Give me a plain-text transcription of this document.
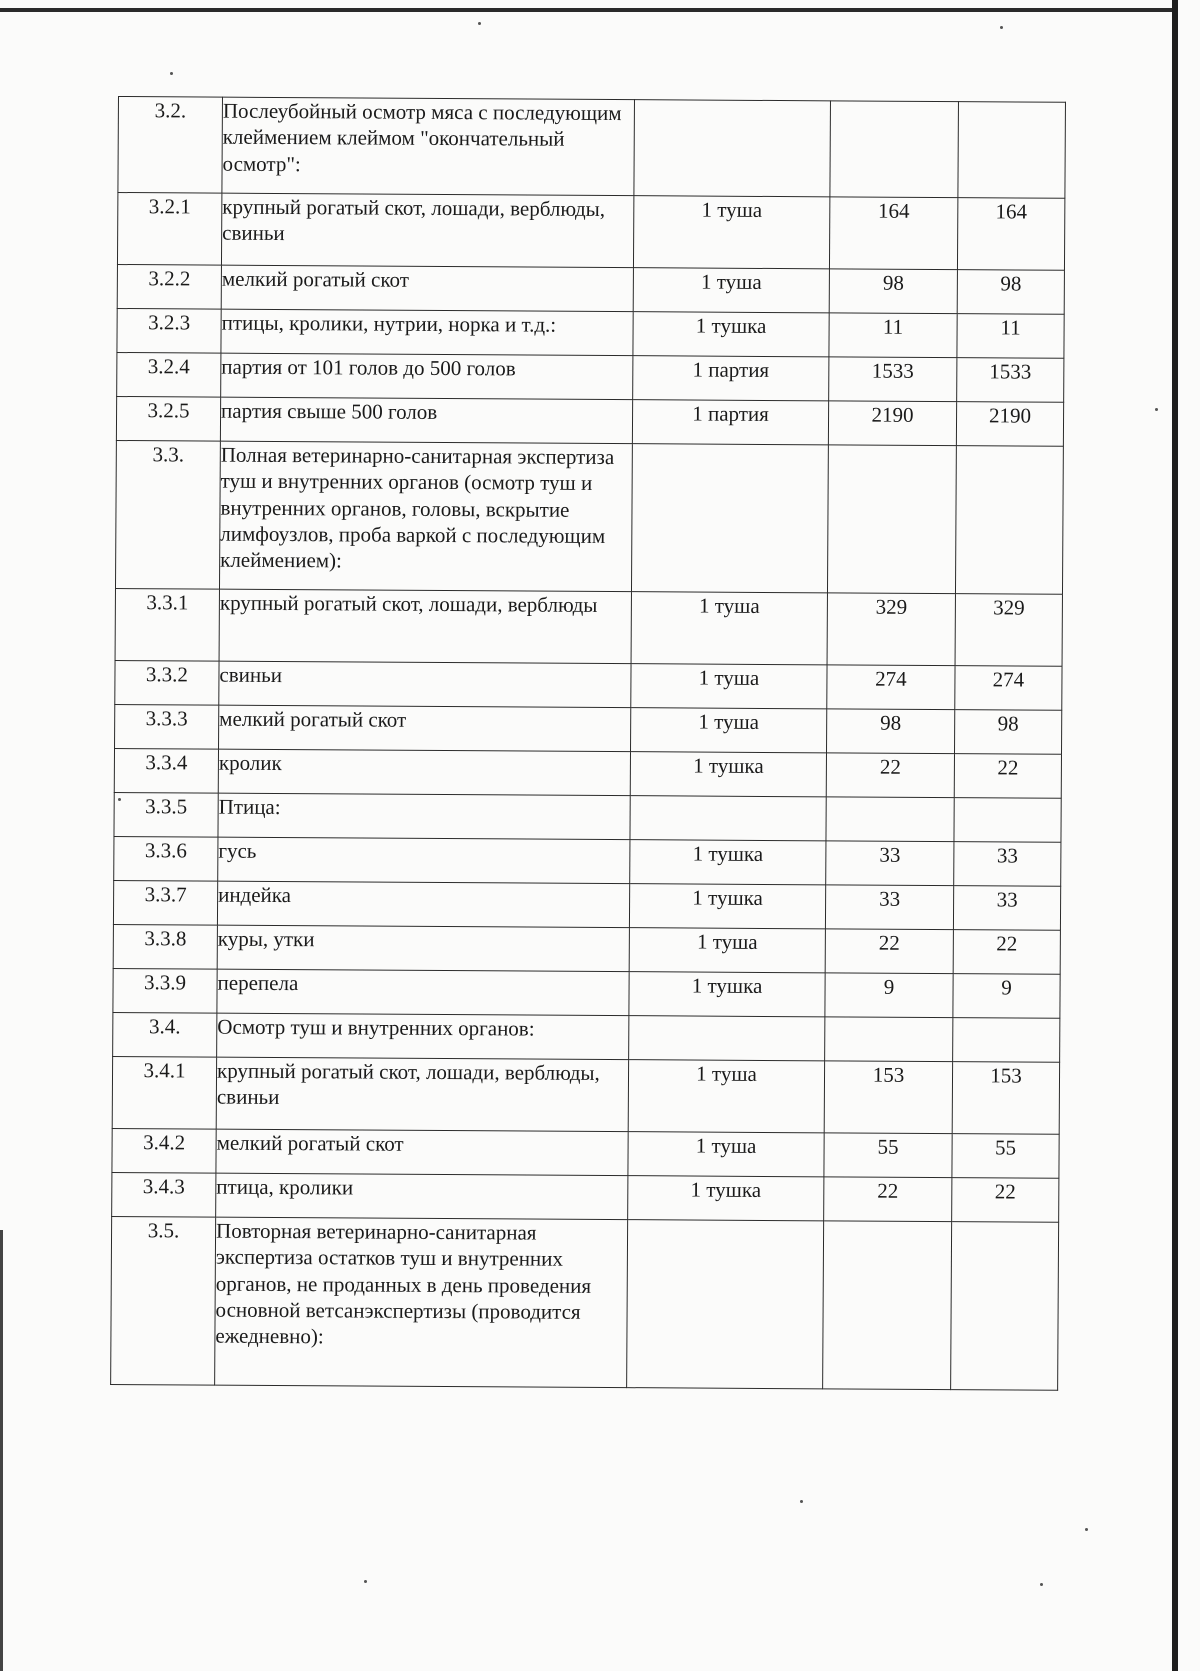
3.2.	Послеубойный осмотр мяса с последующим клеймением клеймом "окончательный осмотр":			
3.2.1	крупный рогатый скот, лошади, верблюды, свиньи	1 туша	164	164
3.2.2	мелкий рогатый скот	1 туша	98	98
3.2.3	птицы, кролики, нутрии, норка и т.д.:	1 тушка	11	11
3.2.4	партия от 101 голов до 500 голов	1 партия	1533	1533
3.2.5	партия свыше 500 голов	1 партия	2190	2190
3.3.	Полная ветеринарно-санитарная экспертиза туш и внутренних органов (осмотр туш и внутренних органов, головы, вскрытие лимфоузлов, проба варкой с последующим клеймением):			
3.3.1	крупный рогатый скот, лошади, верблюды	1 туша	329	329
3.3.2	свиньи	1 туша	274	274
3.3.3	мелкий рогатый скот	1 туша	98	98
3.3.4	кролик	1 тушка	22	22
3.3.5	Птица:			
3.3.6	гусь	1 тушка	33	33
3.3.7	индейка	1 тушка	33	33
3.3.8	куры, утки	1 туша	22	22
3.3.9	перепела	1 тушка	9	9
3.4.	Осмотр туш и внутренних органов:			
3.4.1	крупный рогатый скот, лошади, верблюды, свиньи	1 туша	153	153
3.4.2	мелкий рогатый скот	1 туша	55	55
3.4.3	птица, кролики	1 тушка	22	22
3.5.	Повторная ветеринарно-санитарная экспертиза остатков туш и внутренних органов, не проданных в день проведения основной ветсанэкспертизы (проводится ежедневно):			
